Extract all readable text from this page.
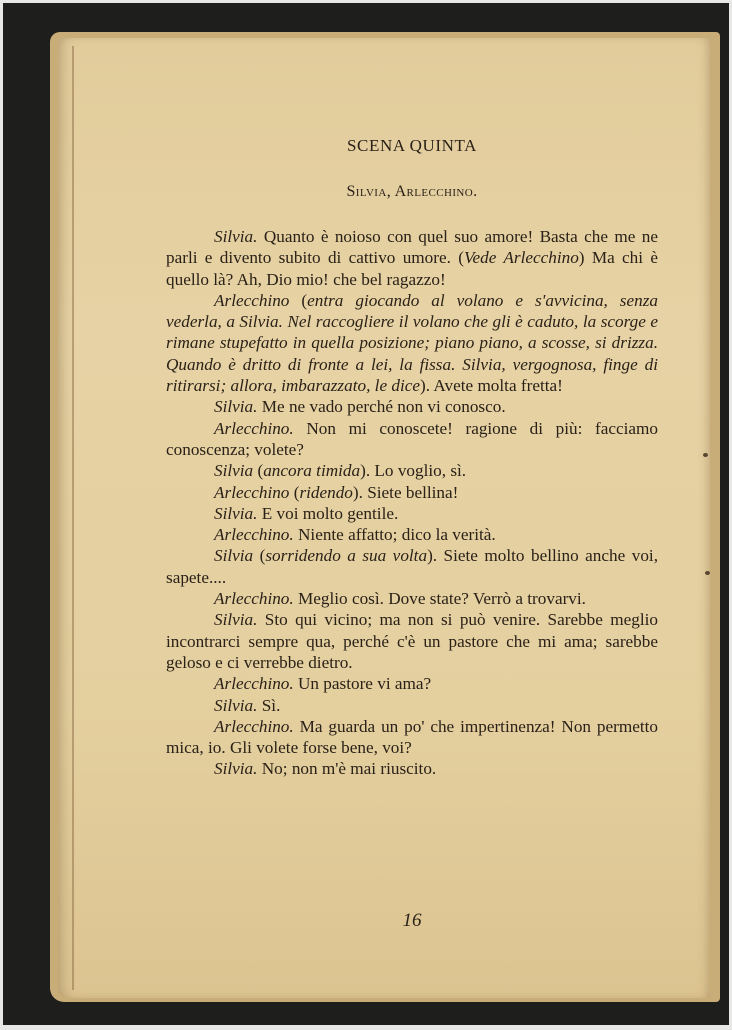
SCENA QUINTA
Silvia, Arlecchino.

Silvia. Quanto è noioso con quel suo amore! Basta che me ne parli e divento subito di cattivo umore. (Vede Arlecchino) Ma chi è quello là? Ah, Dio mio! che bel ragazzo!

Arlecchino (entra giocando al volano e s'avvicina, senza vederla, a Silvia. Nel raccogliere il volano che gli è caduto, la scorge e rimane stupefatto in quella posizione; piano piano, a scosse, si drizza. Quando è dritto di fronte a lei, la fissa. Silvia, vergognosa, finge di ritirarsi; allora, imbarazzato, le dice). Avete molta fretta!

Silvia. Me ne vado perché non vi conosco.

Arlecchino. Non mi conoscete! ragione di più: facciamo conoscenza; volete?

Silvia (ancora timida). Lo voglio, sì.

Arlecchino (ridendo). Siete bellina!

Silvia. E voi molto gentile.

Arlecchino. Niente affatto; dico la verità.

Silvia (sorridendo a sua volta). Siete molto bellino anche voi, sapete....

Arlecchino. Meglio così. Dove state? Verrò a trovarvi.

Silvia. Sto qui vicino; ma non si può venire. Sarebbe meglio incontrarci sempre qua, perché c'è un pastore che mi ama; sarebbe geloso e ci verrebbe dietro.

Arlecchino. Un pastore vi ama?

Silvia. Sì.

Arlecchino. Ma guarda un po' che impertinenza! Non permetto mica, io. Gli volete forse bene, voi?

Silvia. No; non m'è mai riuscito.

16
